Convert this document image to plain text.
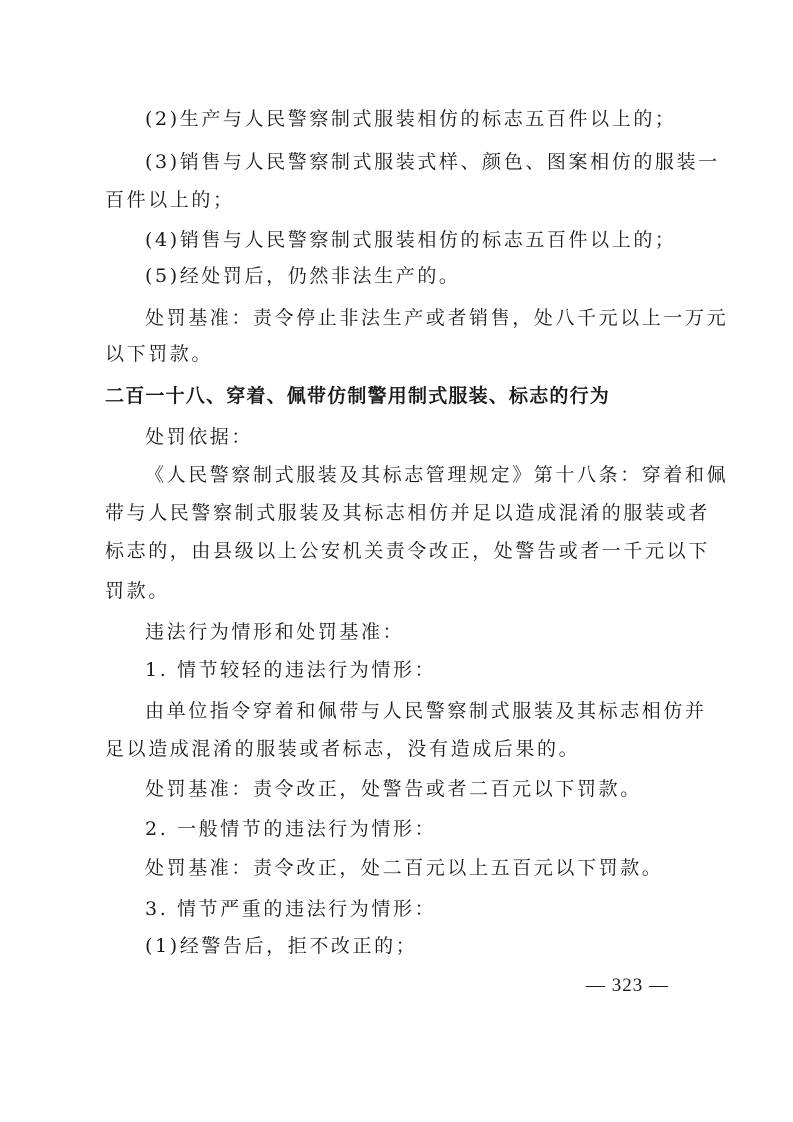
(2)生产与人民警察制式服装相仿的标志五百件以上的；
(3)销售与人民警察制式服装式样、颜色、图案相仿的服装一
百件以上的；
(4)销售与人民警察制式服装相仿的标志五百件以上的；
(5)经处罚后，仍然非法生产的。
处罚基准：责令停止非法生产或者销售，处八千元以上一万元
以下罚款。
二百一十八、穿着、佩带仿制警用制式服装、标志的行为
处罚依据：
《人民警察制式服装及其标志管理规定》第十八条：穿着和佩
带与人民警察制式服装及其标志相仿并足以造成混淆的服装或者
标志的，由县级以上公安机关责令改正，处警告或者一千元以下
罚款。
违法行为情形和处罚基准：
1. 情节较轻的违法行为情形：
由单位指令穿着和佩带与人民警察制式服装及其标志相仿并
足以造成混淆的服装或者标志，没有造成后果的。
处罚基准：责令改正，处警告或者二百元以下罚款。
2. 一般情节的违法行为情形：
处罚基准：责令改正，处二百元以上五百元以下罚款。
3. 情节严重的违法行为情形：
(1)经警告后，拒不改正的；
— 323 —
